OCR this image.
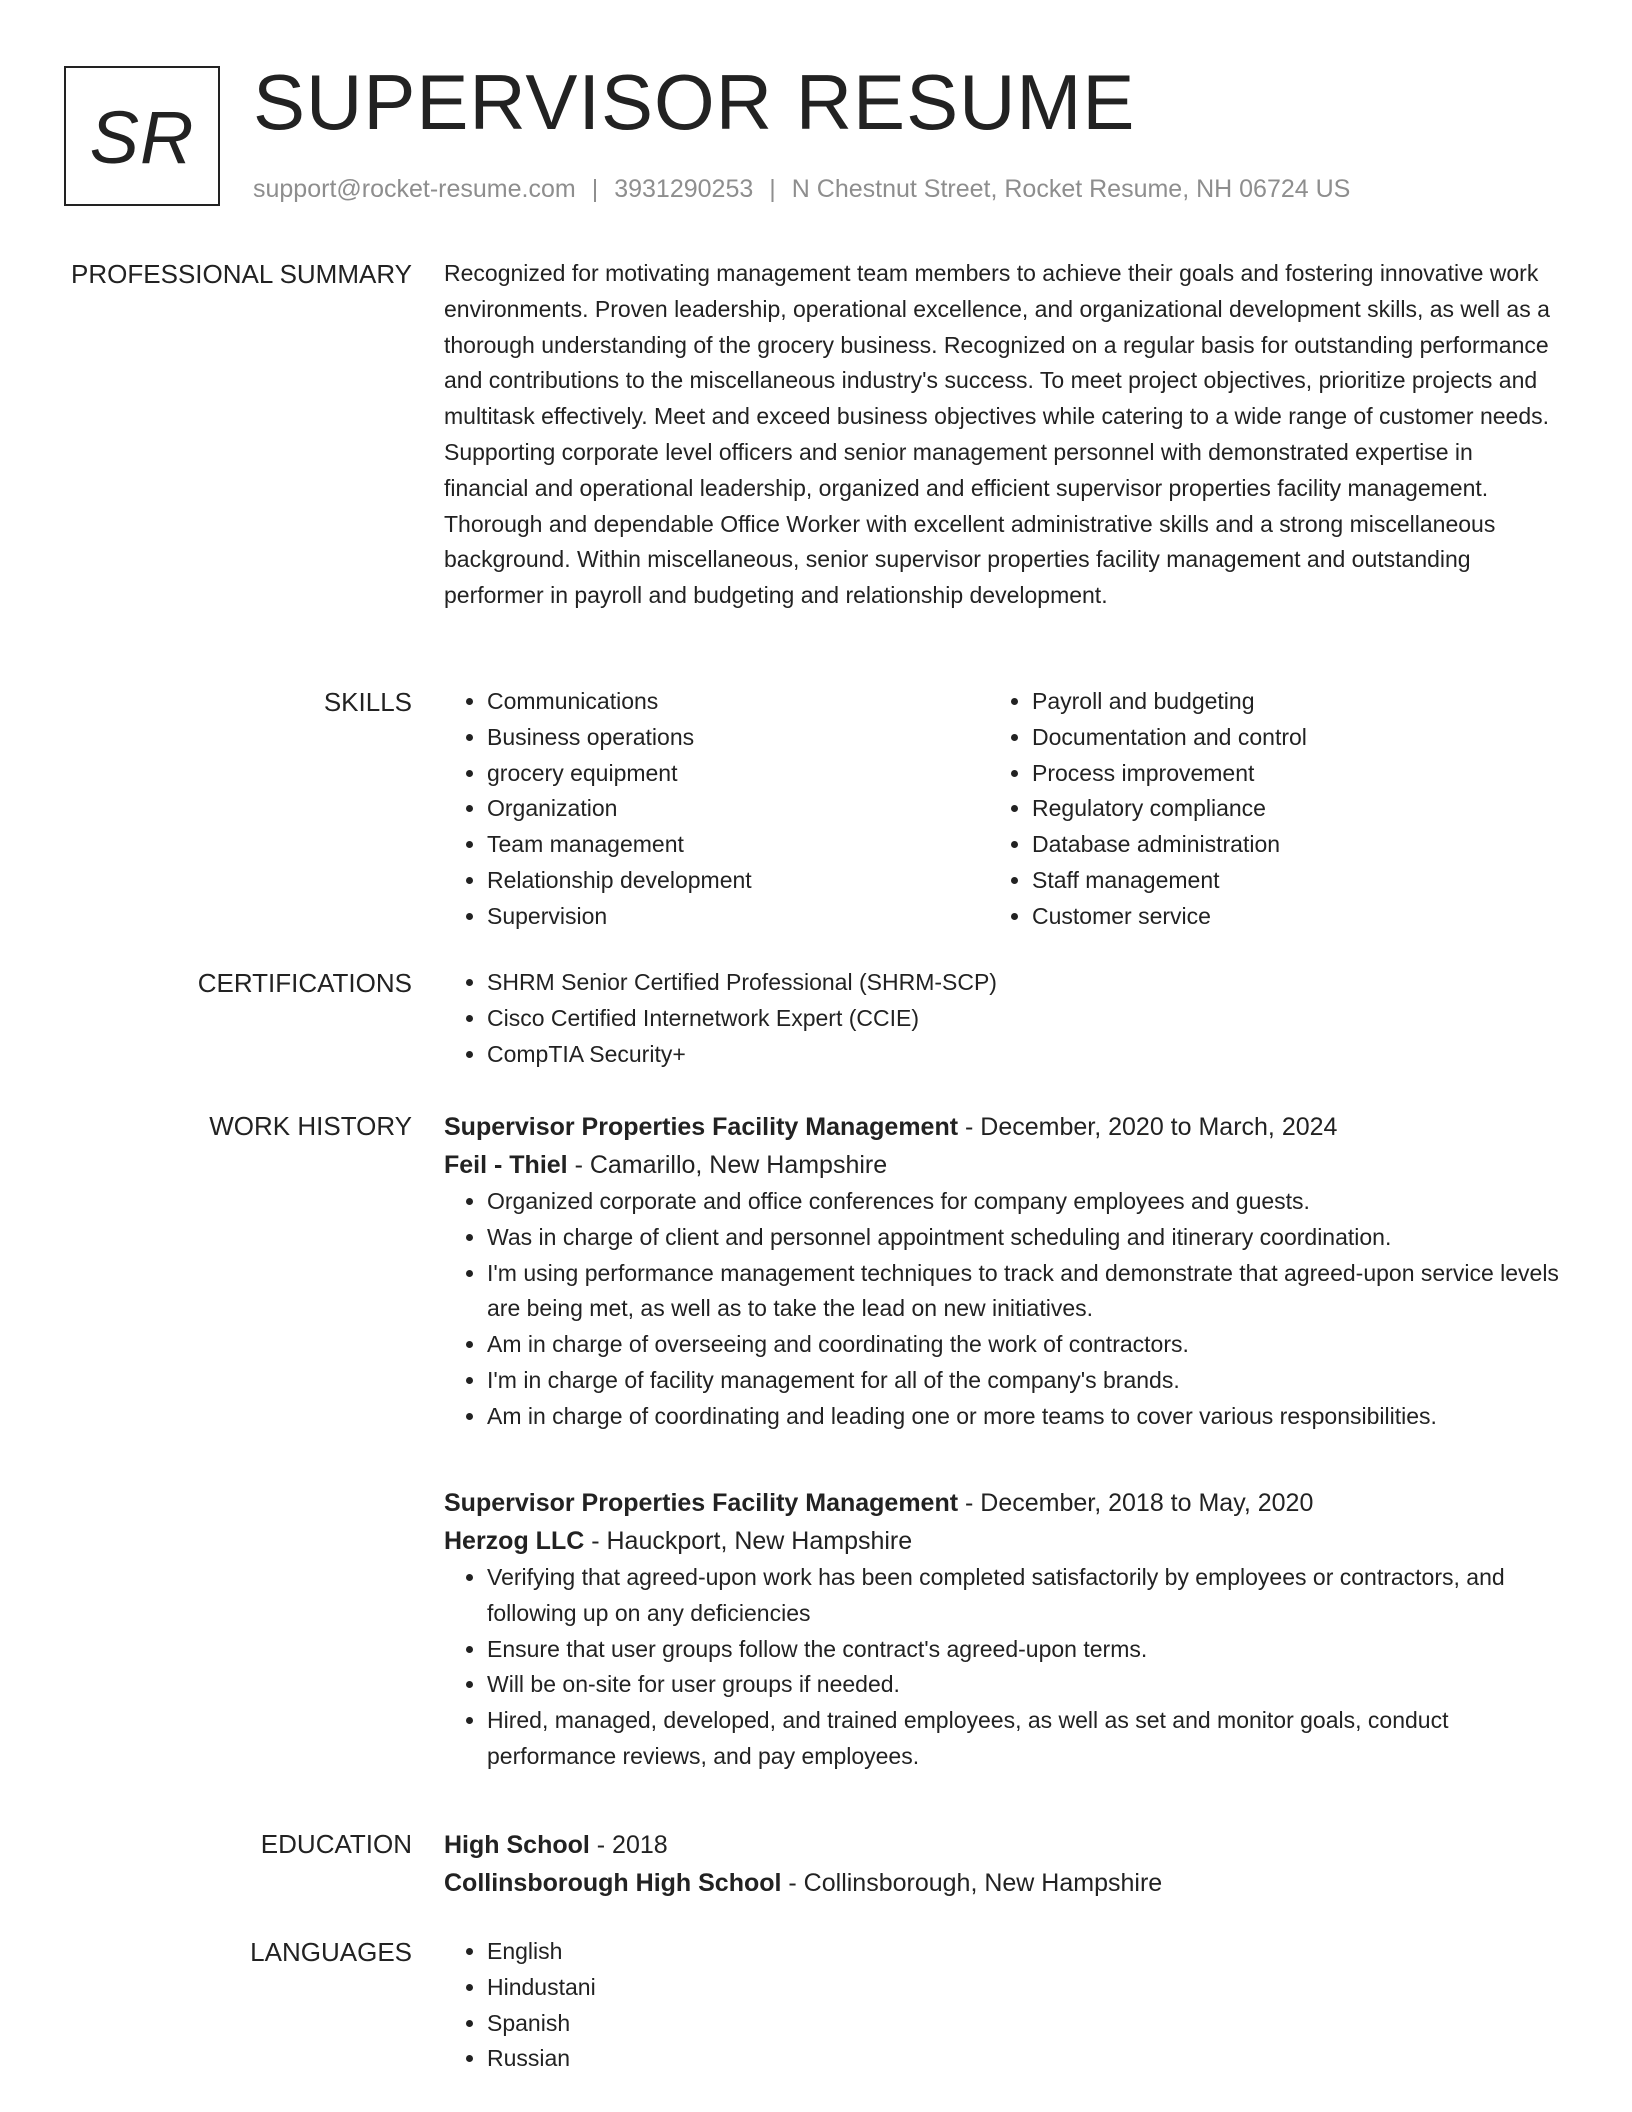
SR SUPERVISOR RESUME
support@rocket-resume.com | 3931290253 | N Chestnut Street, Rocket Resume, NH 06724 US
PROFESSIONAL SUMMARY Recognized for motivating management team members to achieve their goals and fostering innovative work environments. Proven leadership, operational excellence, and organizational development skills, as well as a thorough understanding of the grocery business. Recognized on a regular basis for outstanding performance and contributions to the miscellaneous industry's success. To meet project objectives, prioritize projects and multitask effectively. Meet and exceed business objectives while catering to a wide range of customer needs. Supporting corporate level officers and senior management personnel with demonstrated expertise in financial and operational leadership, organized and efficient supervisor properties facility management. Thorough and dependable Office Worker with excellent administrative skills and a strong miscellaneous background. Within miscellaneous, senior supervisor properties facility management and outstanding performer in payroll and budgeting and relationship development.

SKILLS	• Communications
• Business operations
• grocery equipment
• Organization
• Team management
• Relationship development
• Supervision
• Payroll and budgeting
• Documentation and control
• Process improvement
• Regulatory compliance
• Database administration
• Staff management
• Customer service
CERTIFICATIONS	• SHRM Senior Certified Professional (SHRM-SCP)
• Cisco Certified Internetwork Expert (CCIE)
• CompTIA Security+
WORK HISTORY Supervisor Properties Facility Management - December, 2020 to March, 2024
Feil - Thiel - Camarillo, New Hampshire
• Organized corporate and office conferences for company employees and guests.
• Was in charge of client and personnel appointment scheduling and itinerary coordination.
• I'm using performance management techniques to track and demonstrate that agreed-upon service levels are being met, as well as to take the lead on new initiatives.
• Am in charge of overseeing and coordinating the work of contractors.
• I'm in charge of facility management for all of the company's brands.
• Am in charge of coordinating and leading one or more teams to cover various responsibilities.
Supervisor Properties Facility Management - December, 2018 to May, 2020
Herzog LLC - Hauckport, New Hampshire
• Verifying that agreed-upon work has been completed satisfactorily by employees or contractors, and following up on any deficiencies
• Ensure that user groups follow the contract's agreed-upon terms.
• Will be on-site for user groups if needed.
• Hired, managed, developed, and trained employees, as well as set and monitor goals, conduct performance reviews, and pay employees.
EDUCATION High School - 2018
Collinsborough High School - Collinsborough, New Hampshire
LANGUAGES	• English
• Hindustani
• Spanish
• Russian
